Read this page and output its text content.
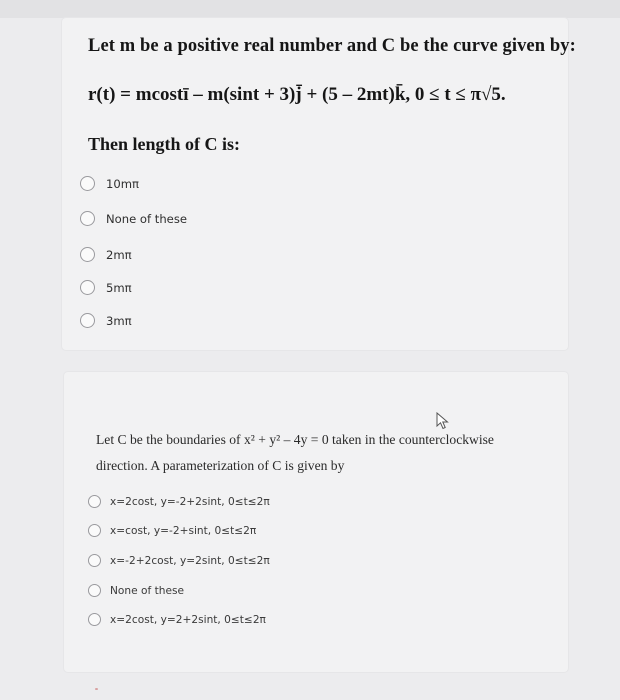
Let m be a positive real number and C be the curve given by:
r(t) = mcostī – m(sint + 3)j̄ + (5 – 2mt)k̄, 0 ≤ t ≤ π√5.
Then length of C is:
10mπ
None of these
2mπ
5mπ
3mπ
Let C be the boundaries of x² + y² – 4y = 0 taken in the counterclockwise
direction. A parameterization of C is given by
x=2cost, y=-2+2sint, 0≤t≤2π
x=cost, y=-2+sint, 0≤t≤2π
x=-2+2cost, y=2sint, 0≤t≤2π
None of these
x=2cost, y=2+2sint, 0≤t≤2π
